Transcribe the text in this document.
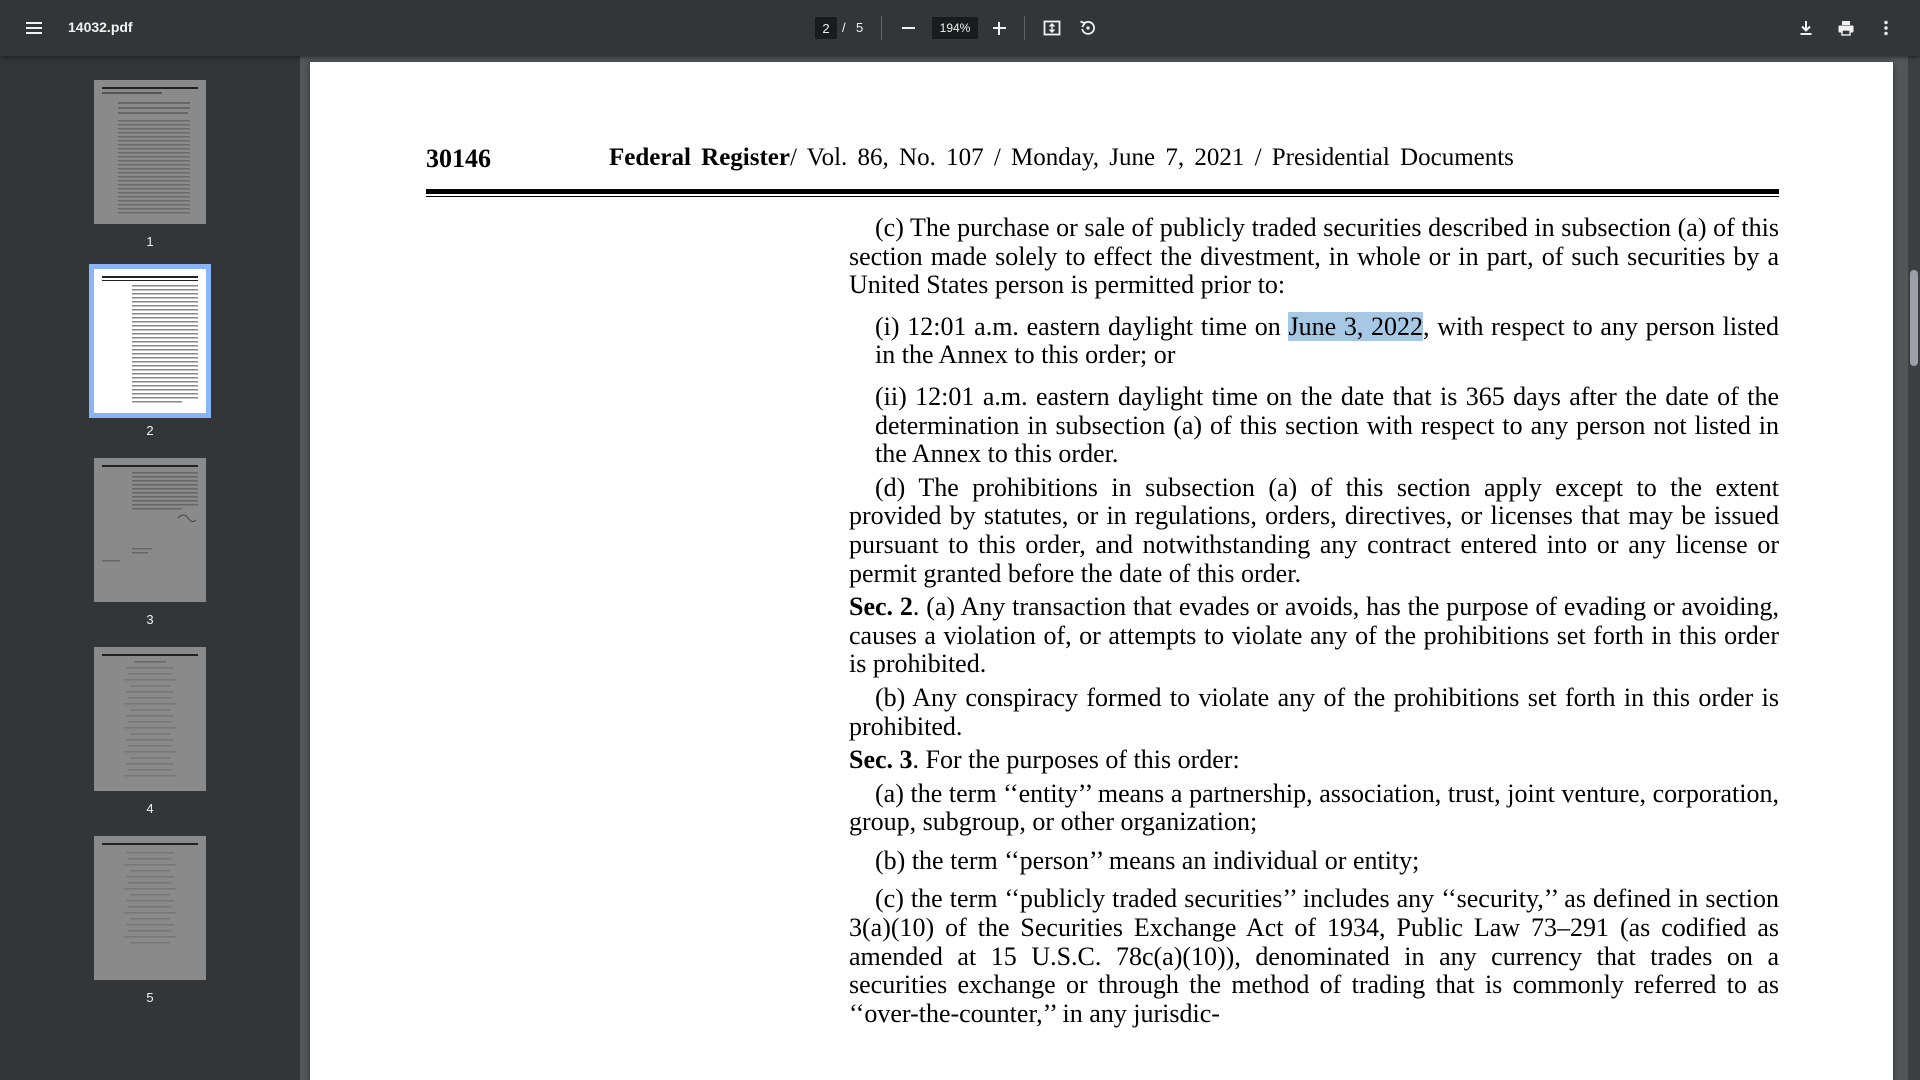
14032.pdf
2	/ 5
194%
1
2
3
4
5
30146	Federal Register/ Vol. 86, No. 107 / Monday, June 7, 2021 / Presidential Documents

(c) The purchase or sale of publicly traded securities described in subsection (a) of this section made solely to effect the divestment, in whole or in part, of such securities by a United States person is permitted prior to:

(i) 12:01 a.m. eastern daylight time on June 3, 2022, with respect to any person listed in the Annex to this order; or

(ii) 12:01 a.m. eastern daylight time on the date that is 365 days after the date of the determination in subsection (a) of this section with respect to any person not listed in the Annex to this order.

(d) The prohibitions in subsection (a) of this section apply except to the extent provided by statutes, or in regulations, orders, directives, or licenses that may be issued pursuant to this order, and notwithstanding any contract entered into or any license or permit granted before the date of this order.

Sec. 2. (a) Any transaction that evades or avoids, has the purpose of evading or avoiding, causes a violation of, or attempts to violate any of the prohibitions set forth in this order is prohibited.

(b) Any conspiracy formed to violate any of the prohibitions set forth in this order is prohibited.

Sec. 3. For the purposes of this order:

(a) the term ‘‘entity’’ means a partnership, association, trust, joint venture, corporation, group, subgroup, or other organization;

(b) the term ‘‘person’’ means an individual or entity;

(c) the term ‘‘publicly traded securities’’ includes any ‘‘security,’’ as defined in section 3(a)(10) of the Securities Exchange Act of 1934, Public Law 73–291 (as codified as amended at 15 U.S.C. 78c(a)(10)), denominated in any currency that trades on a securities exchange or through the method of trading that is commonly referred to as ‘‘over-the-counter,’’ in any jurisdic-
